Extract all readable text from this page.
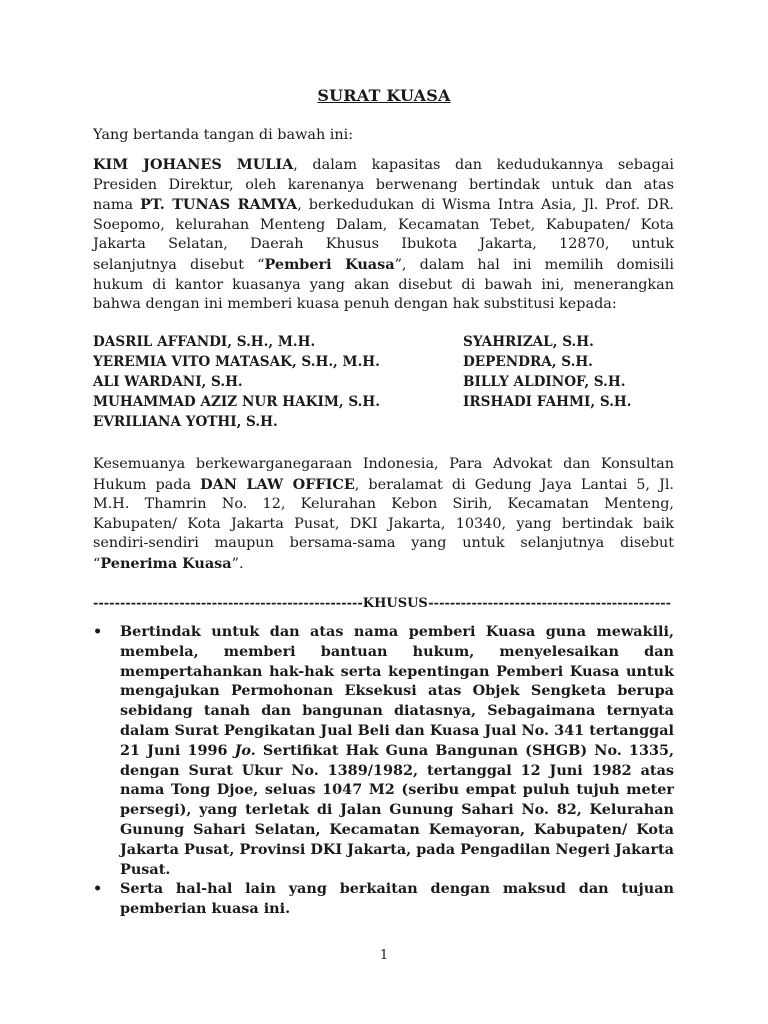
SURAT KUASA
Yang bertanda tangan di bawah ini:
KIM JOHANES MULIA, dalam kapasitas dan kedudukannya sebagai
Presiden Direktur, oleh karenanya berwenang bertindak untuk dan atas
nama PT. TUNAS RAMYA, berkedudukan di Wisma Intra Asia, Jl. Prof. DR.
Soepomo, kelurahan Menteng Dalam, Kecamatan Tebet, Kabupaten/ Kota
Jakarta Selatan, Daerah Khusus Ibukota Jakarta, 12870, untuk
selanjutnya disebut “Pemberi Kuasa”, dalam hal ini memilih domisili
hukum di kantor kuasanya yang akan disebut di bawah ini, menerangkan
bahwa dengan ini memberi kuasa penuh dengan hak substitusi kepada:
DASRIL AFFANDI, S.H., M.H.
YEREMIA VITO MATASAK, S.H., M.H.
ALI WARDANI, S.H.
MUHAMMAD AZIZ NUR HAKIM, S.H.
EVRILIANA YOTHI, S.H.
SYAHRIZAL, S.H.
DEPENDRA, S.H.
BILLY ALDINOF, S.H.
IRSHADI FAHMI, S.H.
Kesemuanya berkewarganegaraan Indonesia, Para Advokat dan Konsultan
Hukum pada DAN LAW OFFICE, beralamat di Gedung Jaya Lantai 5, Jl.
M.H. Thamrin No. 12, Kelurahan Kebon Sirih, Kecamatan Menteng,
Kabupaten/ Kota Jakarta Pusat, DKI Jakarta, 10340, yang bertindak baik
sendiri-sendiri maupun bersama-sama yang untuk selanjutnya disebut
“Penerima Kuasa”.
--------------------------------------------------KHUSUS---------------------------------------------
• Bertindak untuk dan atas nama pemberi Kuasa guna mewakili,
membela, memberi bantuan hukum, menyelesaikan dan
mempertahankan hak-hak serta kepentingan Pemberi Kuasa untuk
mengajukan Permohonan Eksekusi atas Objek Sengketa berupa
sebidang tanah dan bangunan diatasnya, Sebagaimana ternyata
dalam Surat Pengikatan Jual Beli dan Kuasa Jual No. 341 tertanggal
21 Juni 1996 Jo. Sertifikat Hak Guna Bangunan (SHGB) No. 1335,
dengan Surat Ukur No. 1389/1982, tertanggal 12 Juni 1982 atas
nama Tong Djoe, seluas 1047 M2 (seribu empat puluh tujuh meter
persegi), yang terletak di Jalan Gunung Sahari No. 82, Kelurahan
Gunung Sahari Selatan, Kecamatan Kemayoran, Kabupaten/ Kota
Jakarta Pusat, Provinsi DKI Jakarta, pada Pengadilan Negeri Jakarta
Pusat.
• Serta hal-hal lain yang berkaitan dengan maksud dan tujuan
pemberian kuasa ini.
1
